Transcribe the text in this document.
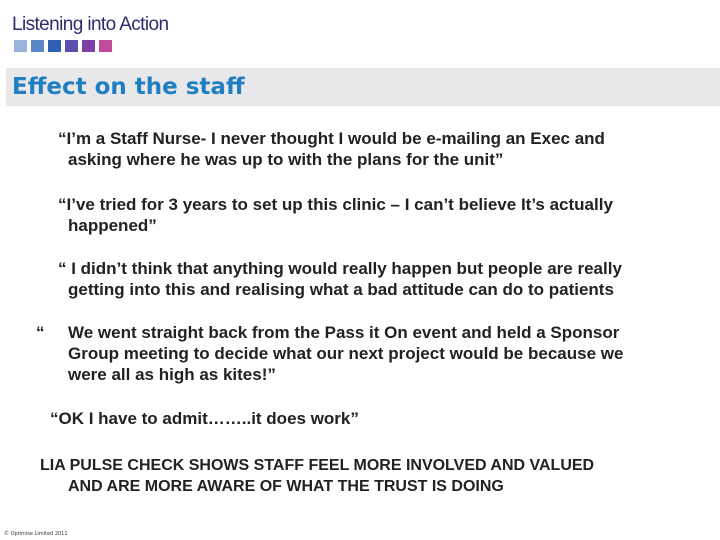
Listening into Action
Effect on the staff
“I’m a Staff Nurse- I never thought I would be e-mailing an Exec and
asking where he was up to with the plans for the unit”
“I’ve tried for 3 years to set up this clinic – I can’t believe It’s actually
happened”
“ I didn’t think that anything would really happen but people are really
getting into this and realising what a bad attitude can do to patients
“	We went straight back from the Pass it On event and held a Sponsor
Group meeting to decide what our next project would be because we
were all as high as kites!”
“OK I have to admit……..it does work”
LIA PULSE CHECK SHOWS STAFF FEEL MORE INVOLVED AND VALUED
AND ARE MORE AWARE OF WHAT THE TRUST IS DOING
© Optimise Limited 2011
